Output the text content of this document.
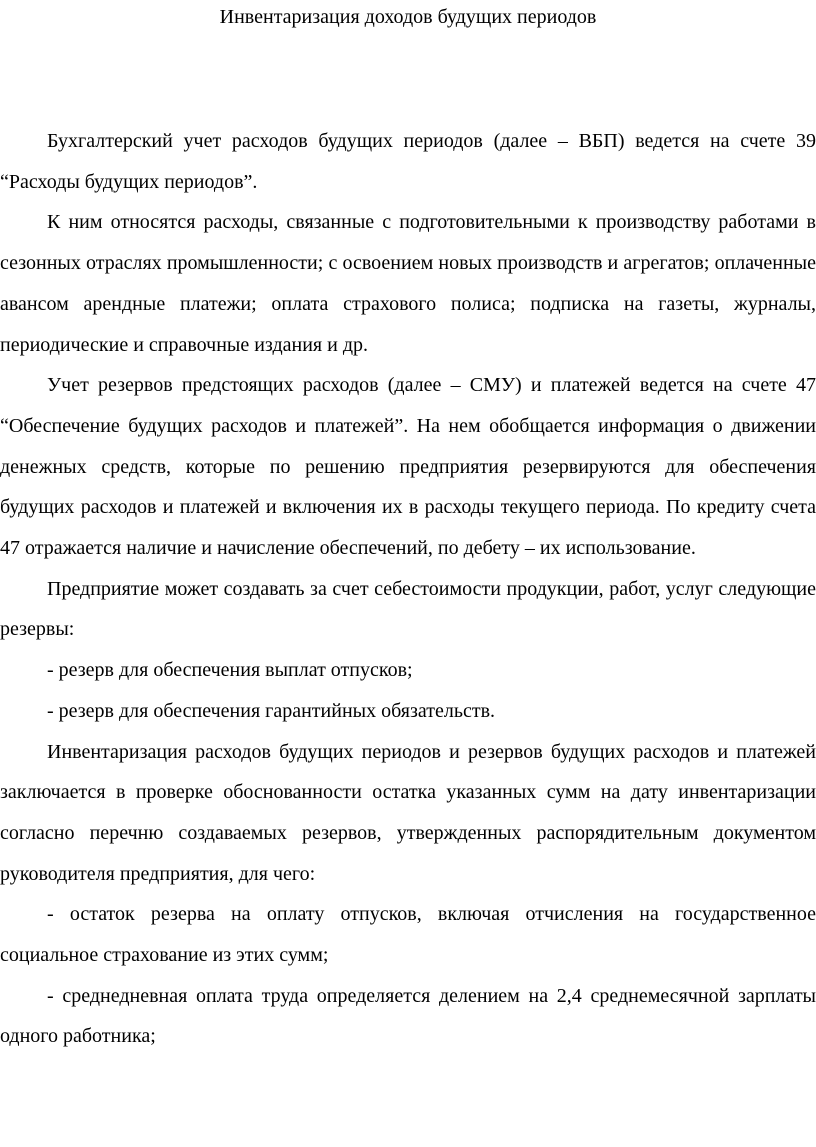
Инвентаризация доходов будущих периодов

Бухгалтерский учет расходов будущих периодов (далее – ВБП) ведется на счете 39 “Расходы будущих периодов”.

К ним относятся расходы, связанные с подготовительными к производству работами в сезонных отраслях промышленности; с освоением новых производств и агрегатов; оплаченные авансом арендные платежи; оплата страхового полиса; подписка на газеты, журналы, периодические и справочные издания и др.

Учет резервов предстоящих расходов (далее – СМУ) и платежей ведется на счете 47 “Обеспечение будущих расходов и платежей”. На нем обобщается информация о движении денежных средств, которые по решению предприятия резервируются для обеспечения будущих расходов и платежей и включения их в расходы текущего периода. По кредиту счета 47 отражается наличие и начисление обеспечений, по дебету – их использование.

Предприятие может создавать за счет себестоимости продукции, работ, услуг следующие резервы:

- резерв для обеспечения выплат отпусков;

- резерв для обеспечения гарантийных обязательств.

Инвентаризация расходов будущих периодов и резервов будущих расходов и платежей заключается в проверке обоснованности остатка указанных сумм на дату инвентаризации согласно перечню создаваемых резервов, утвержденных распорядительным документом руководителя предприятия, для чего:

- остаток резерва на оплату отпусков, включая отчисления на государственное социальное страхование из этих сумм;

- среднедневная оплата труда определяется делением на 2,4 среднемесячной зарплаты одного работника;
